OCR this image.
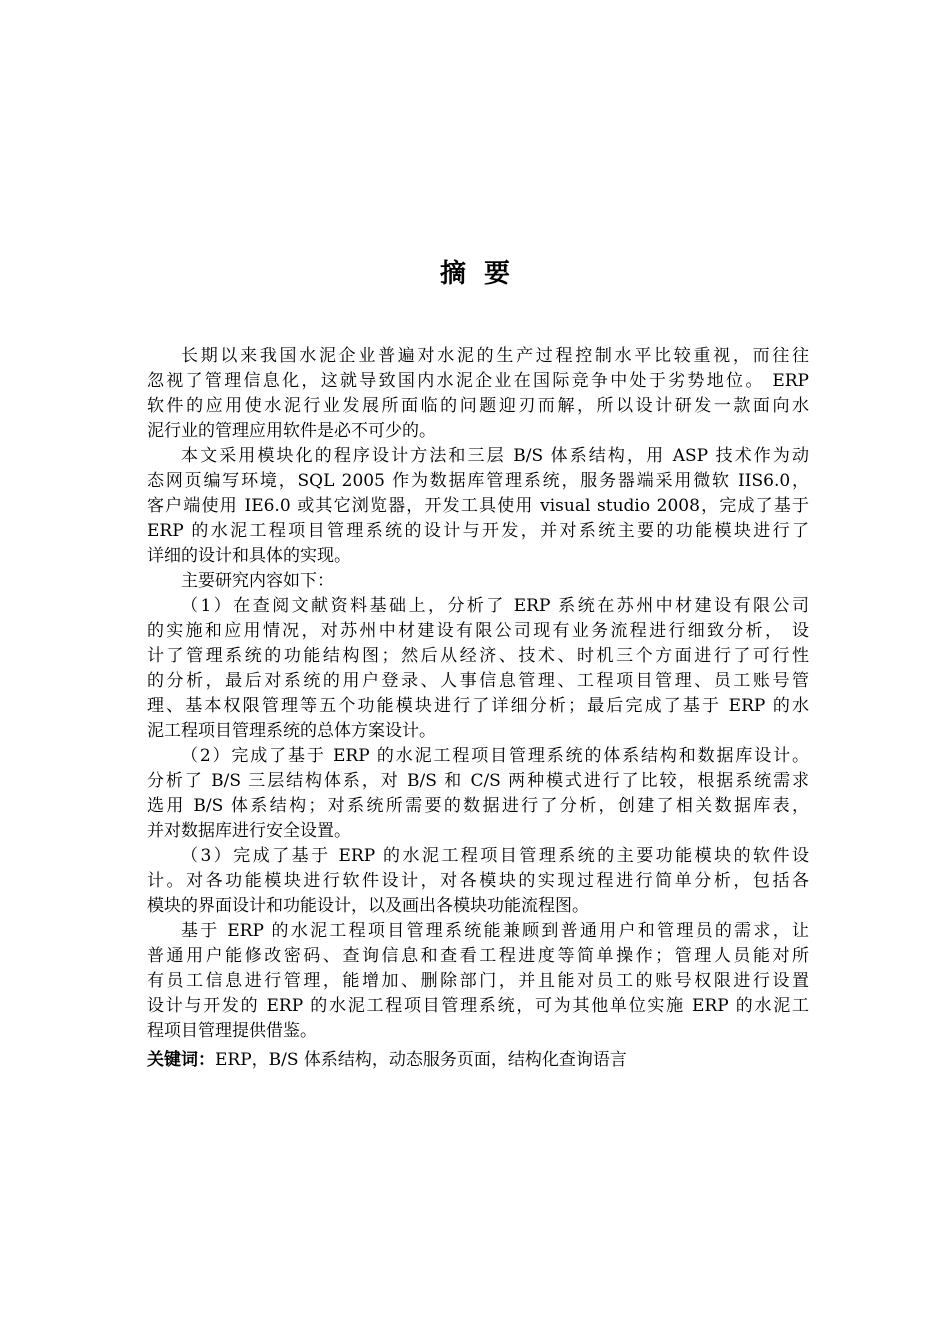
摘要
长期以来我国水泥企业普遍对水泥的生产过程控制水平比较重视，而往往
忽视了管理信息化，这就导致国内水泥企业在国际竞争中处于劣势地位。 ERP
软件的应用使水泥行业发展所面临的问题迎刃而解，所以设计研发一款面向水
泥行业的管理应用软件是必不可少的。
本文采用模块化的程序设计方法和三层 B/S 体系结构，用 ASP 技术作为动
态网页编写环境，SQL 2005 作为数据库管理系统，服务器端采用微软 IIS6.0，
客户端使用 IE6.0 或其它浏览器，开发工具使用 visual studio 2008，完成了基于
ERP 的水泥工程项目管理系统的设计与开发，并对系统主要的功能模块进行了
详细的设计和具体的实现。
主要研究内容如下：
（1）在查阅文献资料基础上，分析了 ERP 系统在苏州中材建设有限公司
的实施和应用情况，对苏州中材建设有限公司现有业务流程进行细致分析， 设
计了管理系统的功能结构图；然后从经济、技术、时机三个方面进行了可行性
的分析，最后对系统的用户登录、人事信息管理、工程项目管理、员工账号管
理、基本权限管理等五个功能模块进行了详细分析；最后完成了基于 ERP 的水
泥工程项目管理系统的总体方案设计。
（2）完成了基于 ERP 的水泥工程项目管理系统的体系结构和数据库设计。
分析了 B/S 三层结构体系，对 B/S 和 C/S 两种模式进行了比较，根据系统需求
选用 B/S 体系结构；对系统所需要的数据进行了分析，创建了相关数据库表，
并对数据库进行安全设置。
（3）完成了基于 ERP 的水泥工程项目管理系统的主要功能模块的软件设
计。对各功能模块进行软件设计，对各模块的实现过程进行简单分析，包括各
模块的界面设计和功能设计，以及画出各模块功能流程图。
基于 ERP 的水泥工程项目管理系统能兼顾到普通用户和管理员的需求，让
普通用户能修改密码、查询信息和查看工程进度等简单操作；管理人员能对所
有员工信息进行管理，能增加、删除部门，并且能对员工的账号权限进行设置
设计与开发的 ERP 的水泥工程项目管理系统，可为其他单位实施 ERP 的水泥工
程项目管理提供借鉴。
关键词：ERP，B/S 体系结构，动态服务页面，结构化查询语言
